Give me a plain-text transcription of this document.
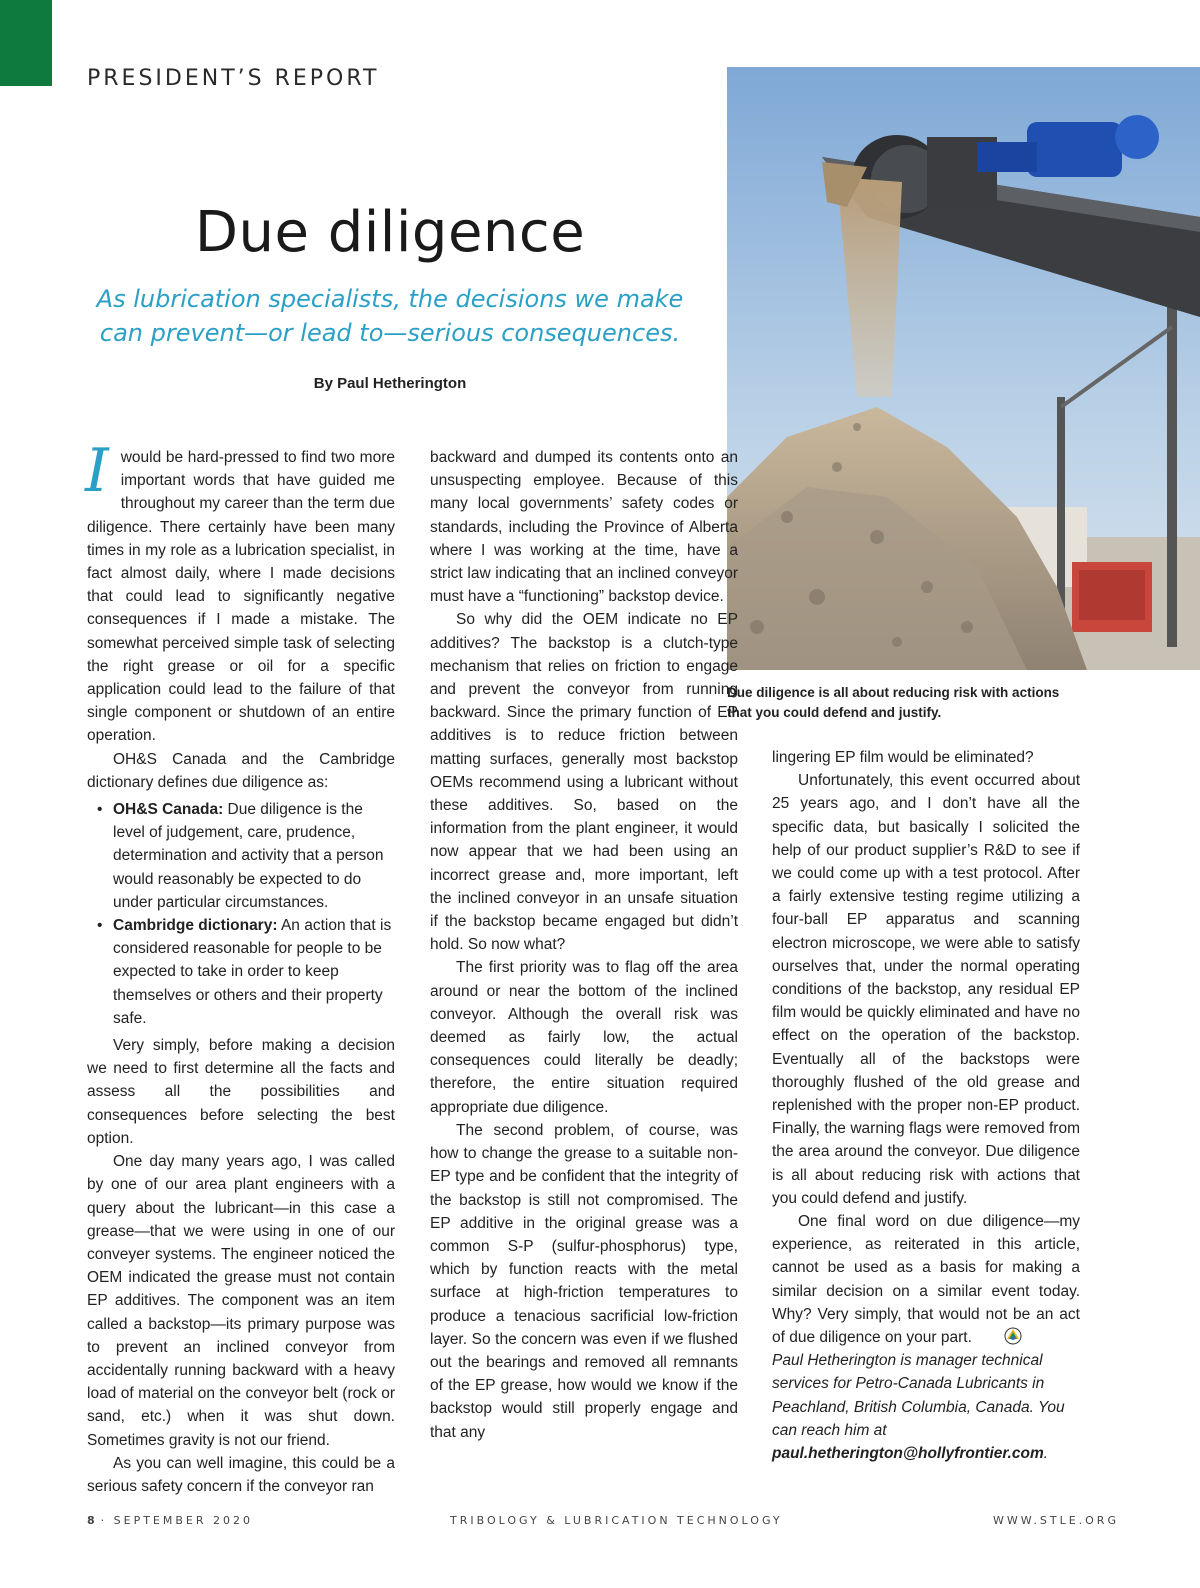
PRESIDENT’S REPORT
Due diligence
As lubrication specialists, the decisions we make
can prevent—or lead to—serious consequences.
By Paul Hetherington
Due diligence is all about reducing risk with actions that you could defend and justify.

I would be hard-pressed to find two more important words that have guided me throughout my career than the term due diligence. There certainly have been many times in my role as a lubrication specialist, in fact almost daily, where I made decisions that could lead to significantly negative consequences if I made a mistake. The somewhat perceived simple task of selecting the right grease or oil for a specific application could lead to the failure of that single component or shutdown of an entire operation.

OH&S Canada and the Cambridge dictionary defines due diligence as:

• OH&S Canada: Due diligence is the level of judgement, care, prudence, determination and activity that a person would reasonably be expected to do under particular circumstances.
• Cambridge dictionary: An action that is considered reasonable for people to be expected to take in order to keep themselves or others and their property safe.

Very simply, before making a decision we need to first determine all the facts and assess all the possibilities and consequences before selecting the best option.

One day many years ago, I was called by one of our area plant engineers with a query about the lubricant—in this case a grease—that we were using in one of our conveyer systems. The engineer noticed the OEM indicated the grease must not contain EP additives. The component was an item called a backstop—its primary purpose was to prevent an inclined conveyor from accidentally running backward with a heavy load of material on the conveyor belt (rock or sand, etc.) when it was shut down. Sometimes gravity is not our friend.

As you can well imagine, this could be a serious safety concern if the conveyor ran

backward and dumped its contents onto an unsuspecting employee. Because of this many local governments’ safety codes or standards, including the Province of Alberta where I was working at the time, have a strict law indicating that an inclined conveyor must have a “functioning” backstop device.

So why did the OEM indicate no EP additives? The backstop is a clutch-type mechanism that relies on friction to engage and prevent the conveyor from running backward. Since the primary function of EP additives is to reduce friction between matting surfaces, generally most backstop OEMs recommend using a lubricant without these additives. So, based on the information from the plant engineer, it would now appear that we had been using an incorrect grease and, more important, left the inclined conveyor in an unsafe situation if the backstop became engaged but didn’t hold. So now what?

The first priority was to flag off the area around or near the bottom of the inclined conveyor. Although the overall risk was deemed as fairly low, the actual consequences could literally be deadly; therefore, the entire situation required appropriate due diligence.

The second problem, of course, was how to change the grease to a suitable non-EP type and be confident that the integrity of the backstop is still not compromised. The EP additive in the original grease was a common S-P (sulfur-phosphorus) type, which by function reacts with the metal surface at high-friction temperatures to produce a tenacious sacrificial low-friction layer. So the concern was even if we flushed out the bearings and removed all remnants of the EP grease, how would we know if the backstop would still properly engage and that any

lingering EP film would be eliminated?

Unfortunately, this event occurred about 25 years ago, and I don’t have all the specific data, but basically I solicited the help of our product supplier’s R&D to see if we could come up with a test protocol. After a fairly extensive testing regime utilizing a four-ball EP apparatus and scanning electron microscope, we were able to satisfy ourselves that, under the normal operating conditions of the backstop, any residual EP film would be quickly eliminated and have no effect on the operation of the backstop. Eventually all of the backstops were thoroughly flushed of the old grease and replenished with the proper non-EP product. Finally, the warning flags were removed from the area around the conveyor. Due diligence is all about reducing risk with actions that you could defend and justify.

One final word on due diligence—my experience, as reiterated in this article, cannot be used as a basis for making a similar decision on a similar event today. Why? Very simply, that would not be an act of due diligence on your part.

Paul Hetherington is manager technical services for Petro-Canada Lubricants in Peachland, British Columbia, Canada. You can reach him at paul.hetherington@hollyfrontier.com.

8 · SEPTEMBER 2020	TRIBOLOGY & LUBRICATION TECHNOLOGY	WWW.STLE.ORG
